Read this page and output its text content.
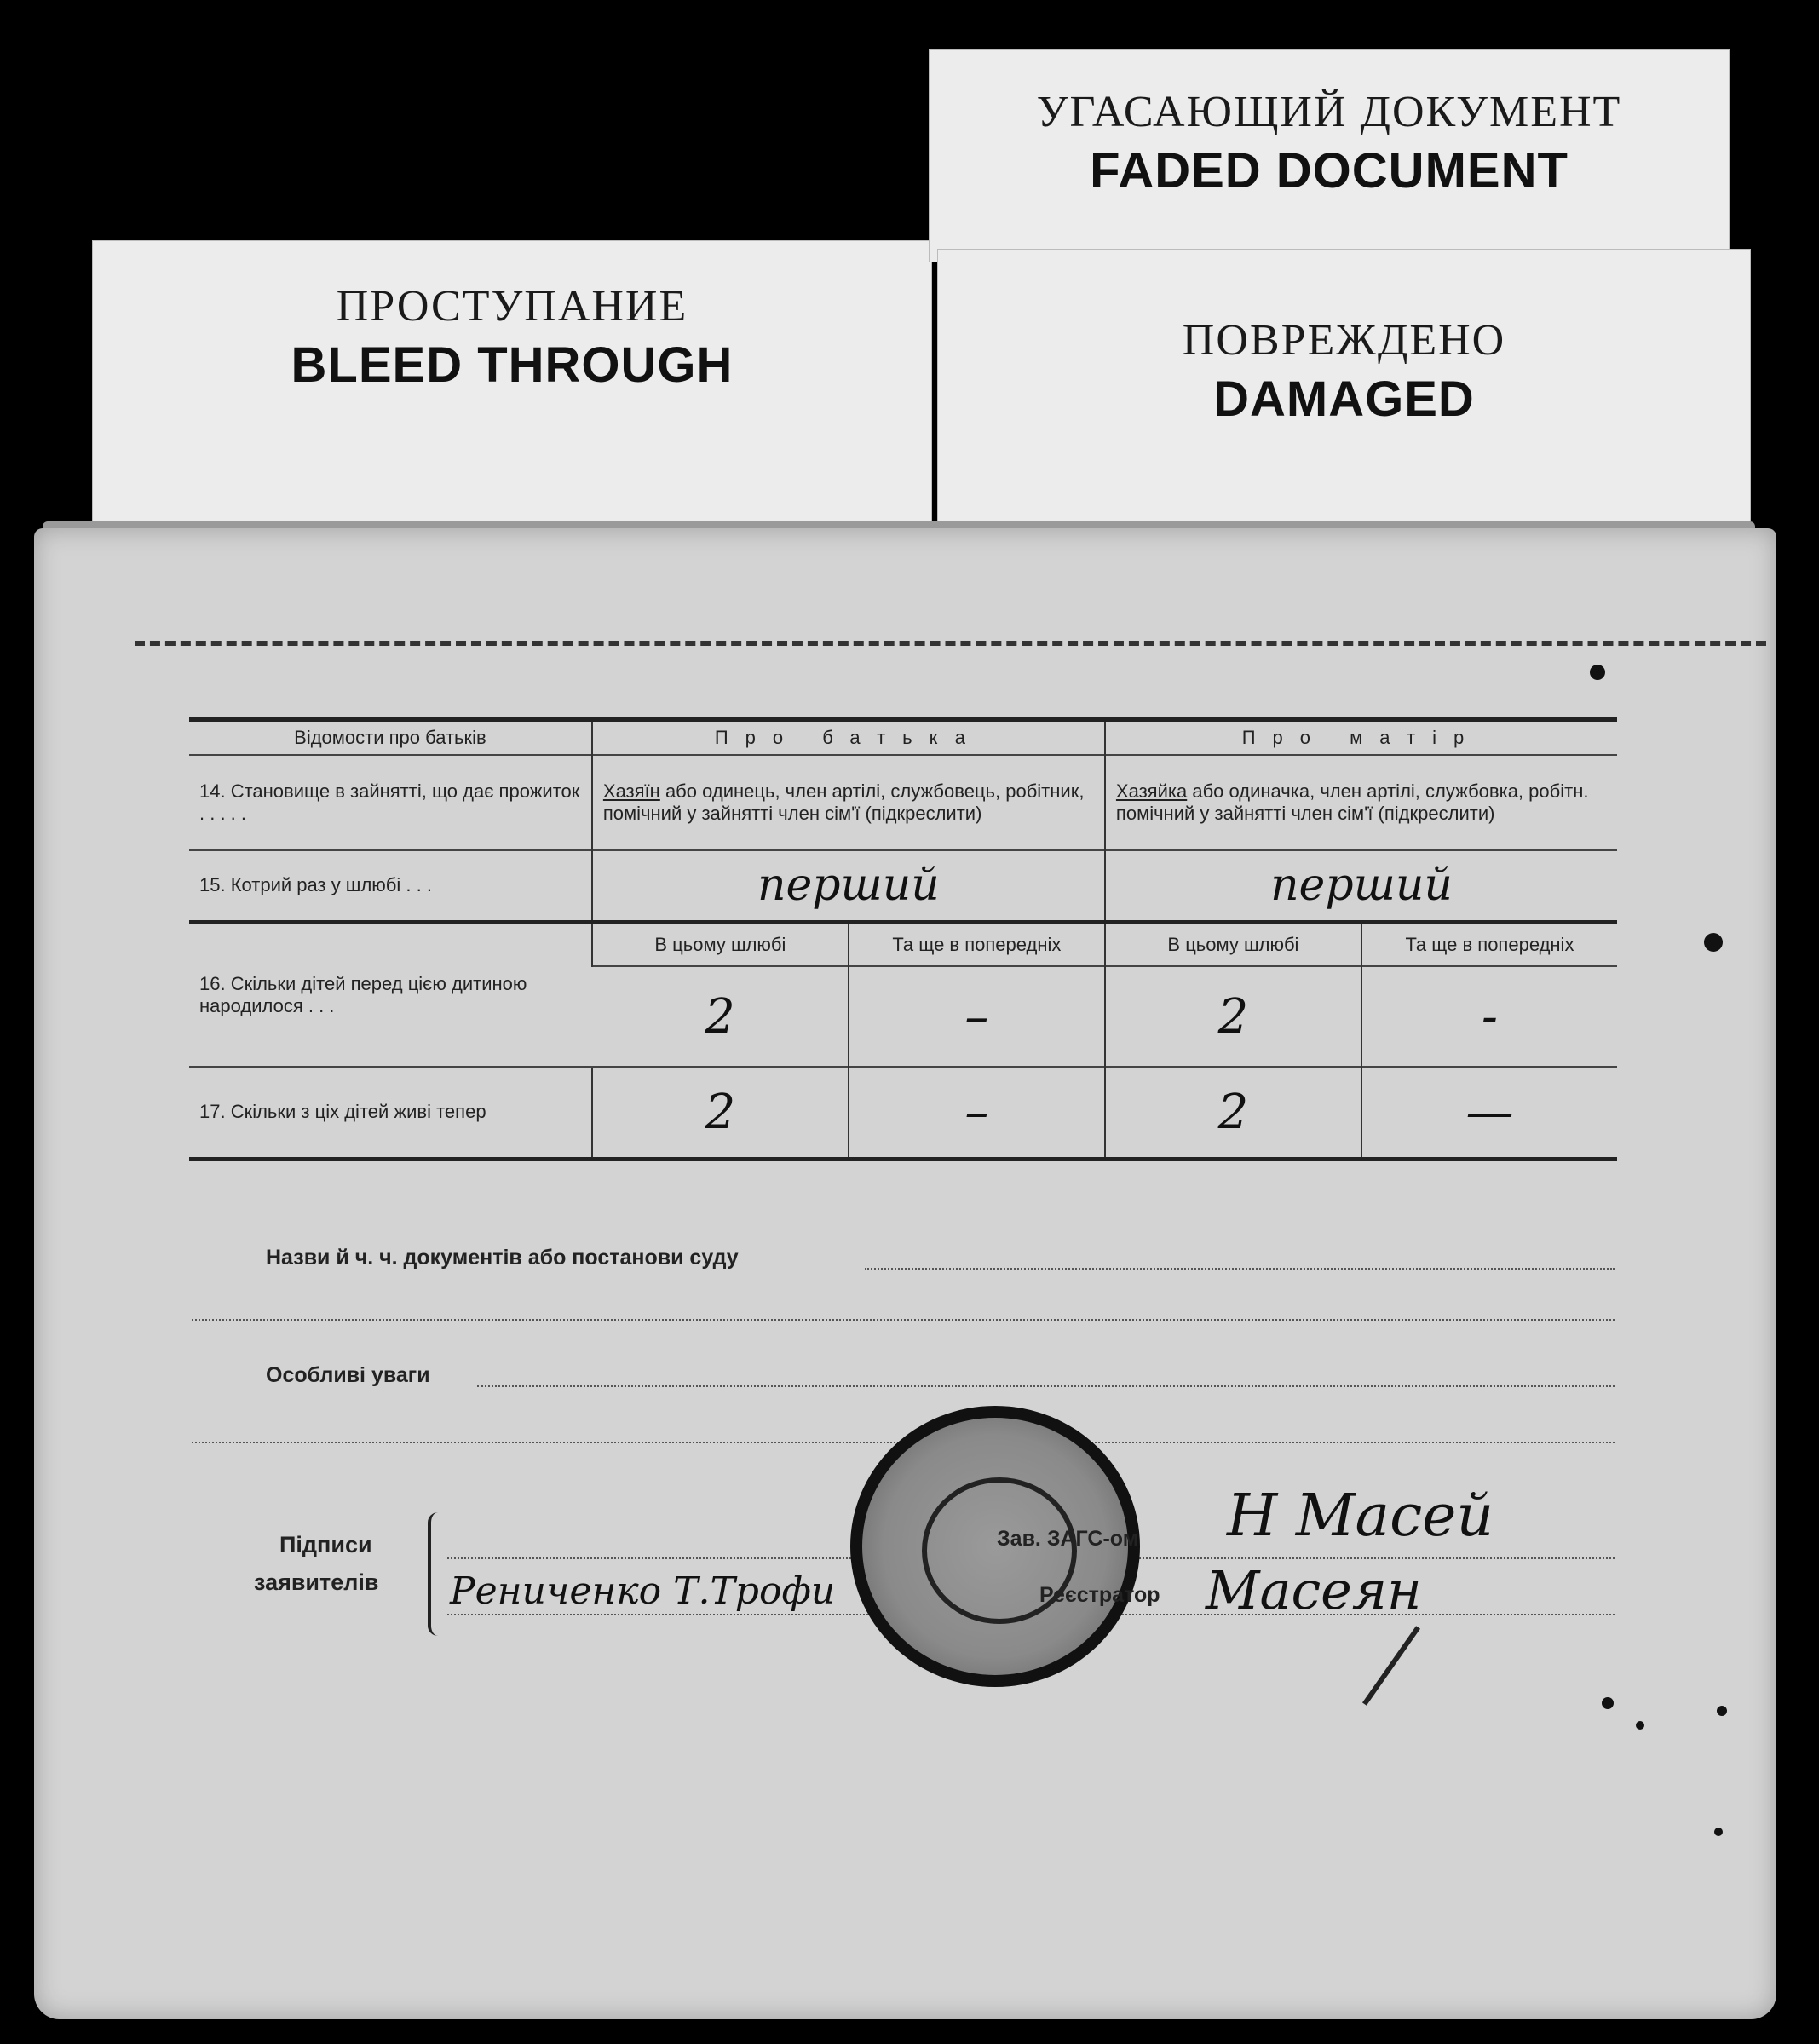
ПРОСТУПАНИЕ
BLEED THROUGH
УГАСАЮЩИЙ ДОКУМЕНТ
FADED DOCUMENT
ПОВРЕЖДЕНО
DAMAGED
Відомости про батьків	Про батька		Про матір	
14. Становище в зайнятті, що дає прожиток . . . . .	Хазяїн або одинець, член артілі, службовець, робітник, помічний у зайнятті член сім'ї (підкреслити)		Хазяйка або одиначка, член артілі, службовка, робітн. помічний у зайнятті член сім'ї (підкреслити)	
15. Котрий раз у шлюбі . . .	перший		перший	
16. Скільки дітей перед цією дитиною народилося . . .	В цьому шлюбі	Та ще в попередніх	В цьому шлюбі	Та ще в попередніх
	2	–	2	-
17. Скільки з ціх дітей живі тепер	2	–	2	—
Назви й ч. ч. документів або постанови суду
Особливі уваги
Підписи
заявителів Рениченко Т.Трофи
Зав. ЗАГС-ом
Реєстратор
Н Масей
Масеян
